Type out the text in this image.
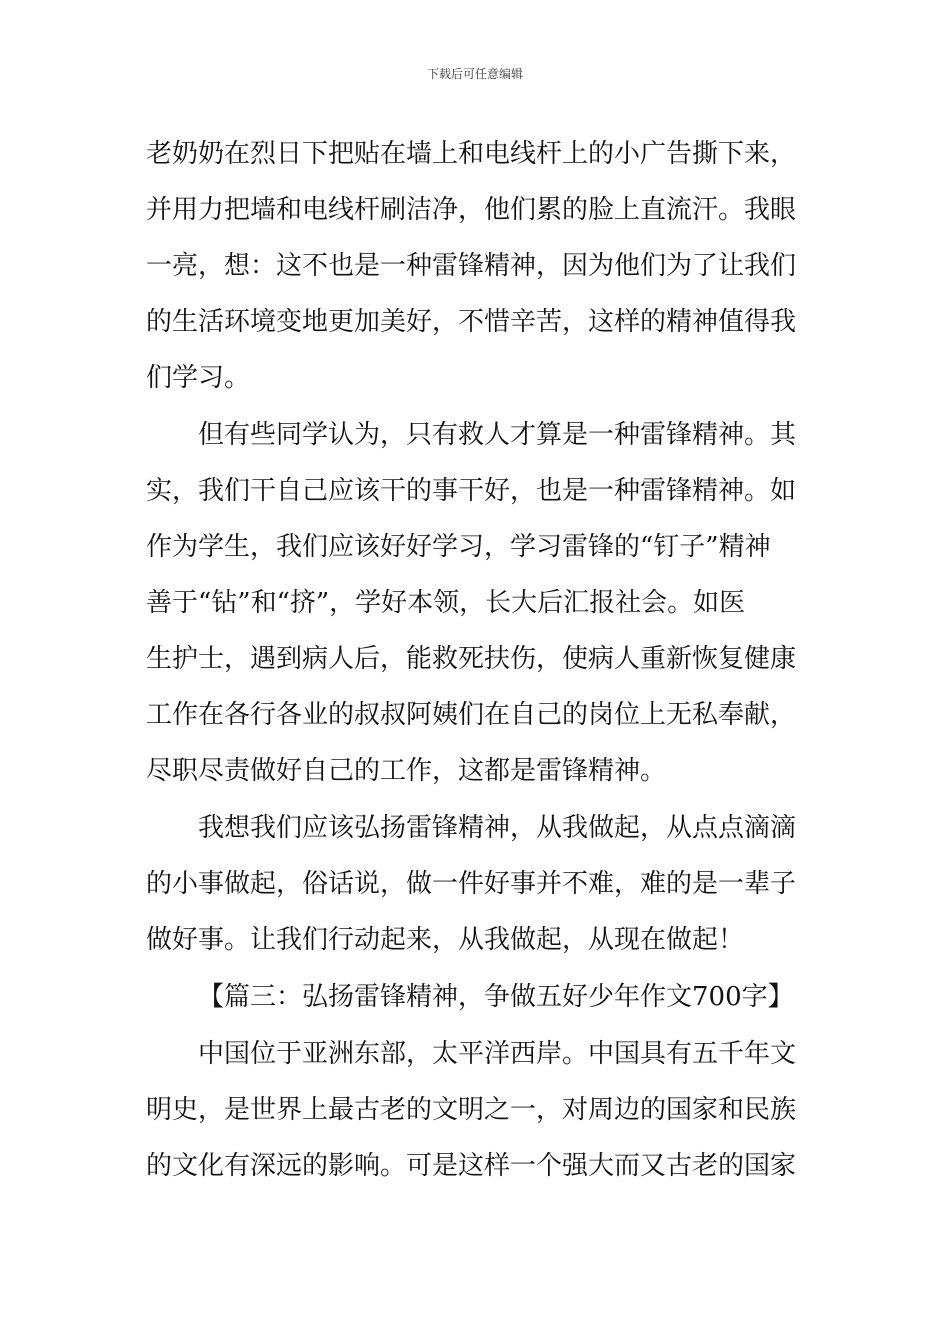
下载后可任意编辑
老奶奶在烈日下把贴在墙上和电线杆上的小广告撕下来，
并用力把墙和电线杆刷洁净，他们累的脸上直流汗。我眼
一亮，想：这不也是一种雷锋精神，因为他们为了让我们
的生活环境变地更加美好，不惜辛苦，这样的精神值得我
们学习。
但有些同学认为，只有救人才算是一种雷锋精神。其
实，我们干自己应该干的事干好，也是一种雷锋精神。如
作为学生，我们应该好好学习，学习雷锋的“钉子”精神
善于“钻”和“挤”，学好本领，长大后汇报社会。如医
生护士，遇到病人后，能救死扶伤，使病人重新恢复健康
工作在各行各业的叔叔阿姨们在自己的岗位上无私奉献，
尽职尽责做好自己的工作，这都是雷锋精神。
我想我们应该弘扬雷锋精神，从我做起，从点点滴滴
的小事做起，俗话说，做一件好事并不难，难的是一辈子
做好事。让我们行动起来，从我做起，从现在做起！
【篇三：弘扬雷锋精神，争做五好少年作文700字】
中国位于亚洲东部，太平洋西岸。中国具有五千年文
明史，是世界上最古老的文明之一，对周边的国家和民族
的文化有深远的影响。可是这样一个强大而又古老的国家
